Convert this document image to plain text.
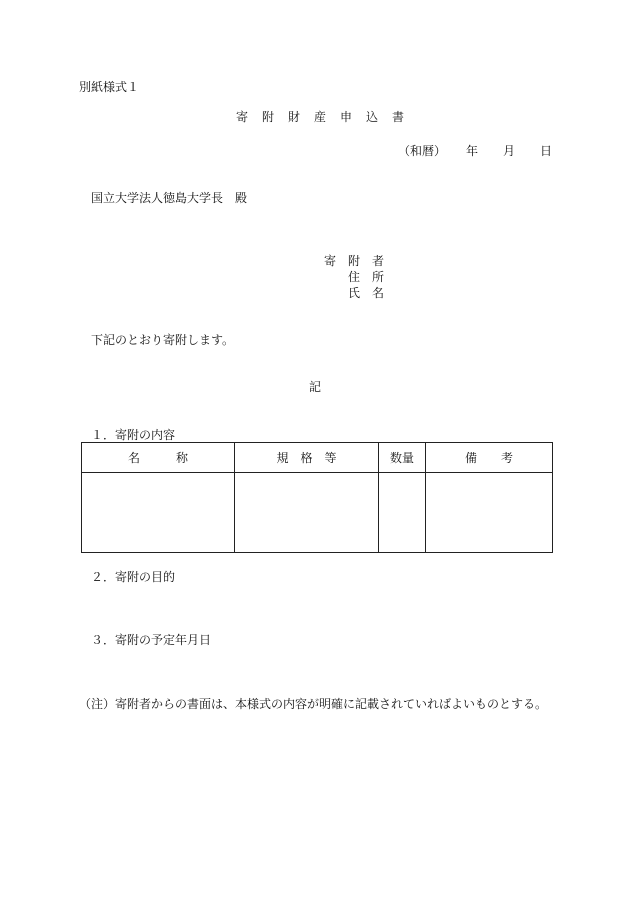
別紙様式１
寄　附　財　産　申　込　書
（和暦） 年 月 日
国立大学法人徳島大学長　殿
寄　附　者
住　所
氏　名
下記のとおり寄附します。
記
１．寄附の内容
名　　　称	規　格　等	数量	備　　考

２．寄附の目的
３．寄附の予定年月日
（注）寄附者からの書面は、本様式の内容が明確に記載されていればよいものとする。
